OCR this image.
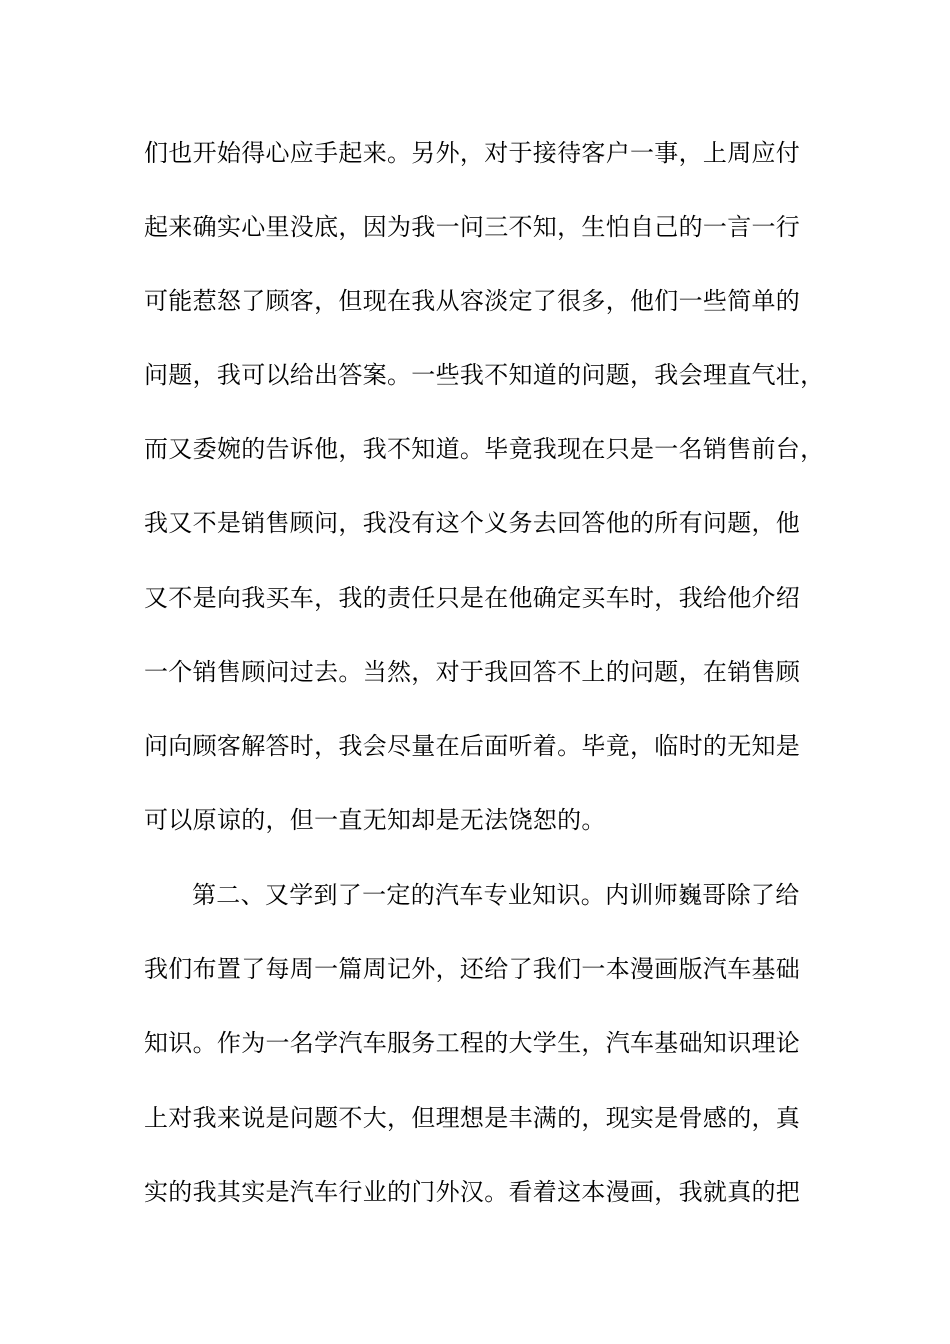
们也开始得心应手起来。另外，对于接待客户一事，上周应付
起来确实心里没底，因为我一问三不知，生怕自己的一言一行
可能惹怒了顾客，但现在我从容淡定了很多，他们一些简单的
问题，我可以给出答案。一些我不知道的问题，我会理直气壮，
而又委婉的告诉他，我不知道。毕竟我现在只是一名销售前台，
我又不是销售顾问，我没有这个义务去回答他的所有问题，他
又不是向我买车，我的责任只是在他确定买车时，我给他介绍
一个销售顾问过去。当然，对于我回答不上的问题，在销售顾
问向顾客解答时，我会尽量在后面听着。毕竟，临时的无知是
可以原谅的，但一直无知却是无法饶恕的。
第二、又学到了一定的汽车专业知识。内训师巍哥除了给
我们布置了每周一篇周记外，还给了我们一本漫画版汽车基础
知识。作为一名学汽车服务工程的大学生，汽车基础知识理论
上对我来说是问题不大，但理想是丰满的，现实是骨感的，真
实的我其实是汽车行业的门外汉。看着这本漫画，我就真的把
